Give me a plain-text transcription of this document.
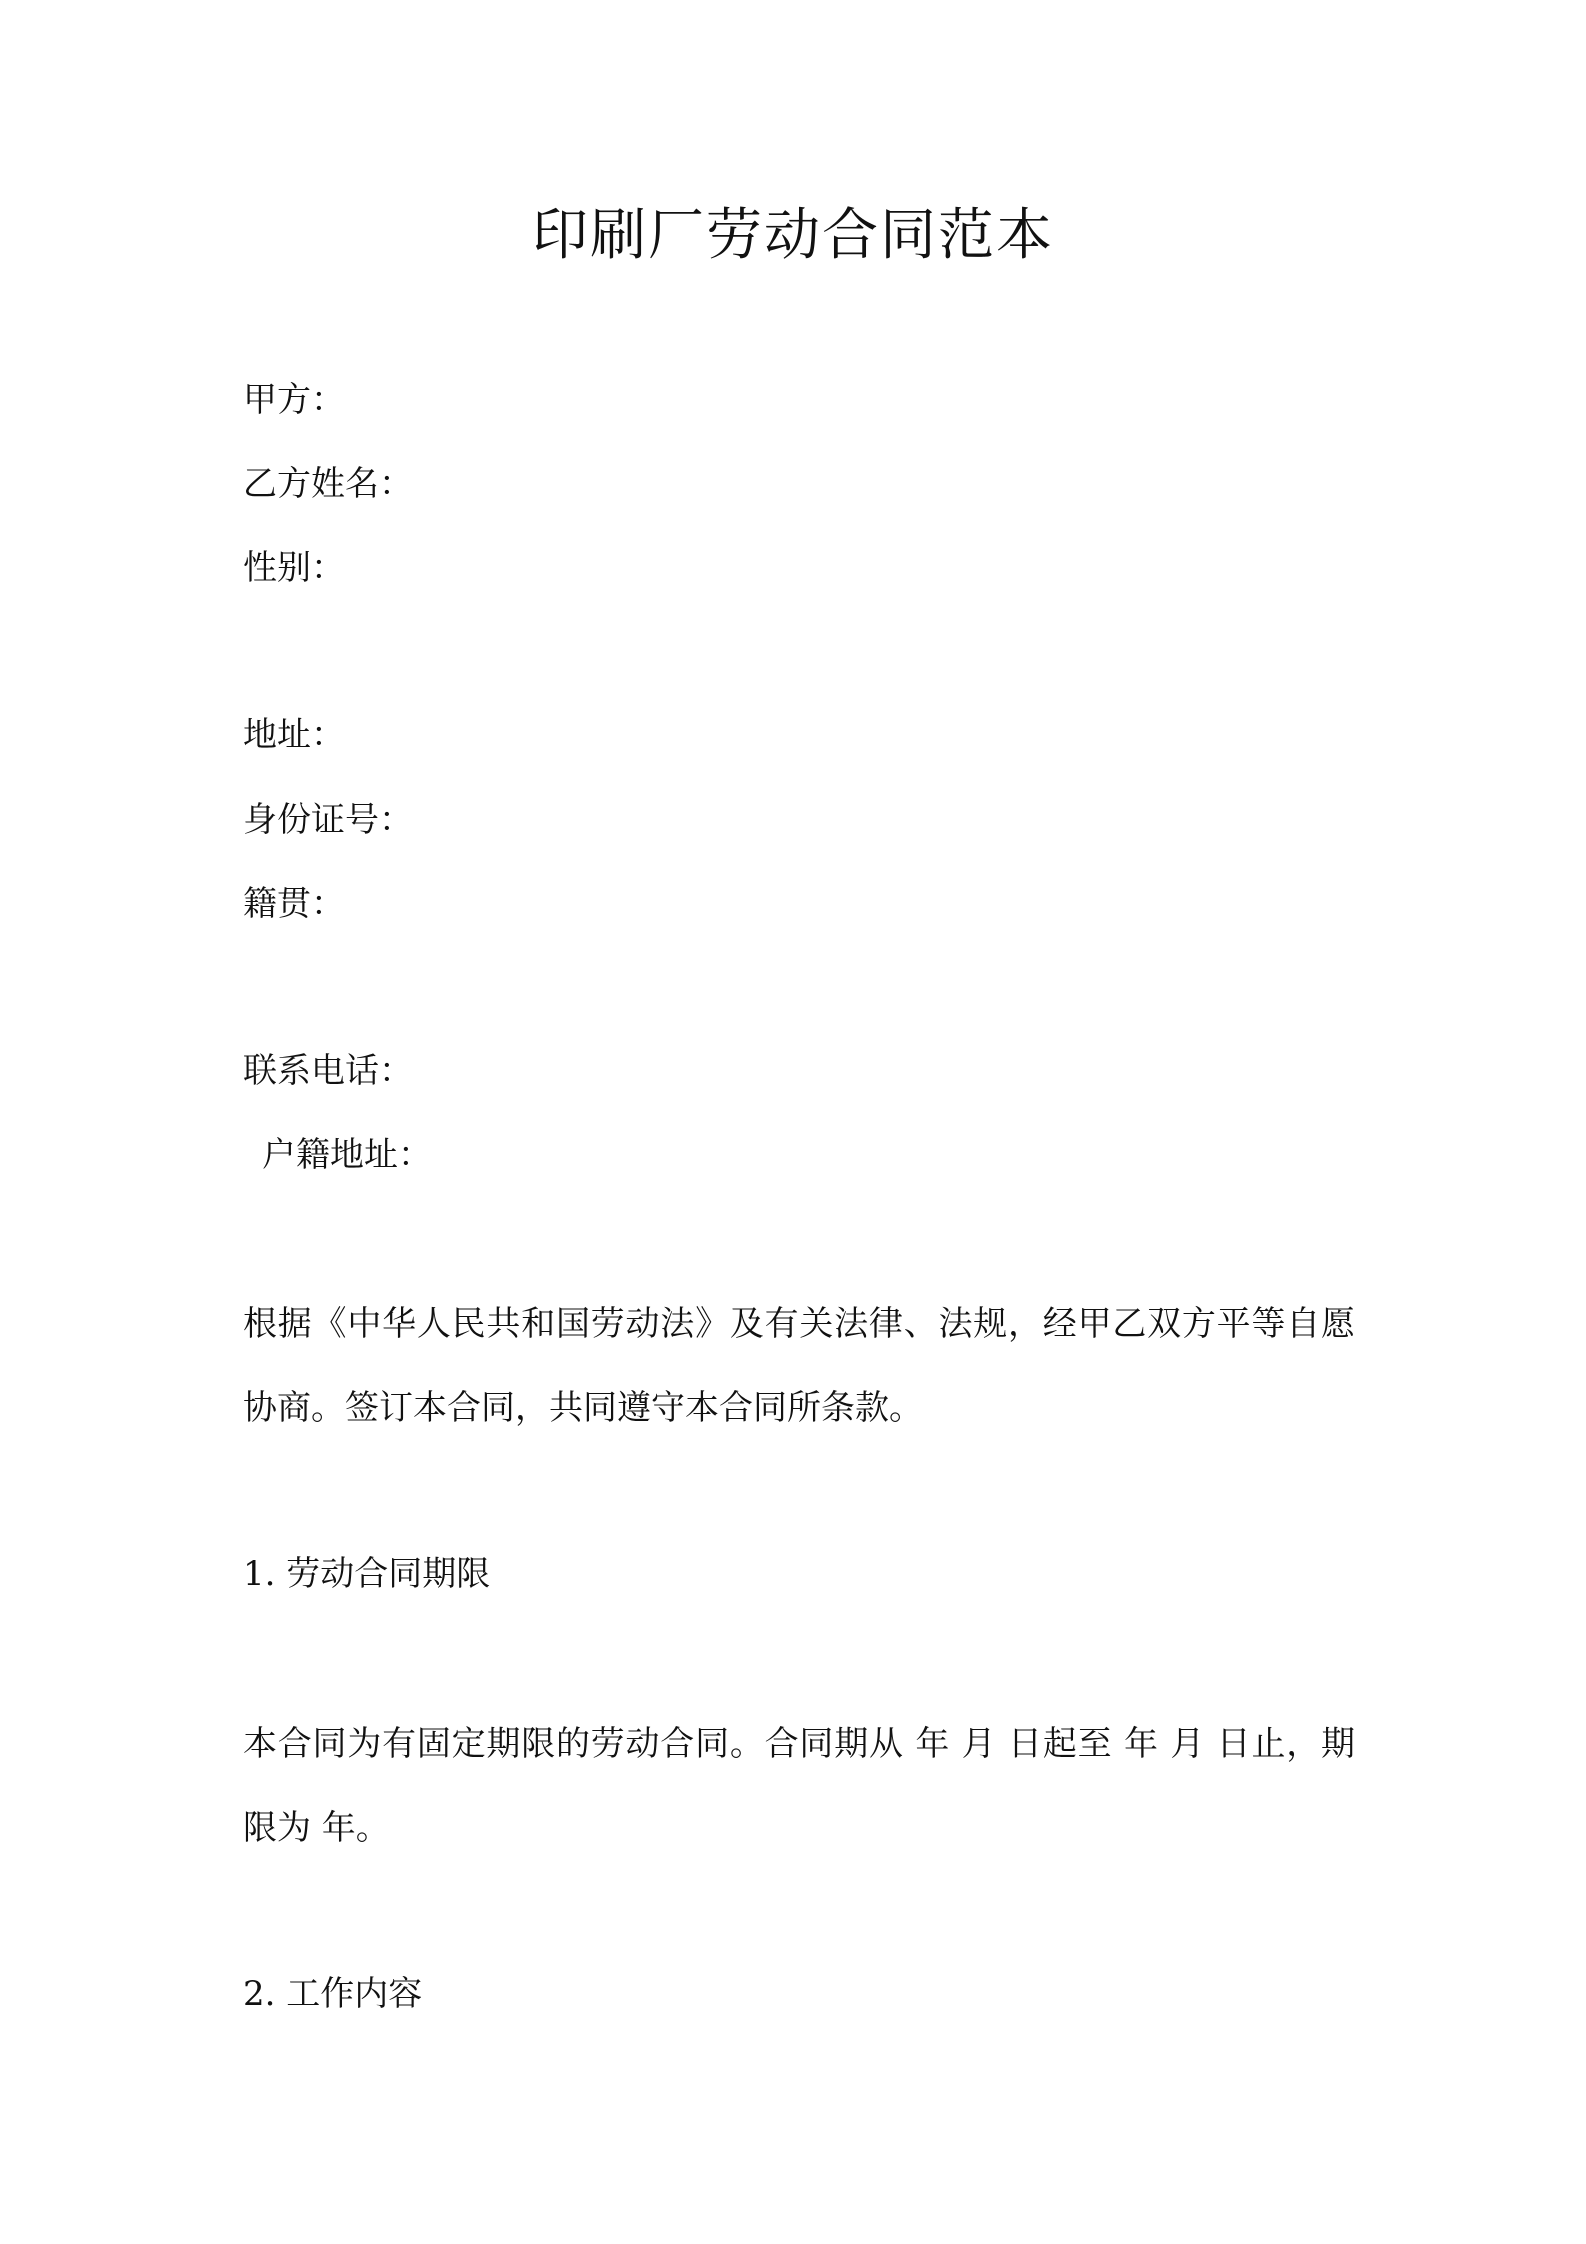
印刷厂劳动合同范本

甲方：

乙方姓名：

性别：

地址：

身份证号：

籍贯：

联系电话：

户籍地址：

根据《中华人民共和国劳动法》及有关法律、法规，经甲乙双方平等自愿协商。签订本合同，共同遵守本合同所条款。

1. 劳动合同期限

本合同为有固定期限的劳动合同。合同期从 年 月 日起至 年 月 日止，期限为 年。

2. 工作内容
